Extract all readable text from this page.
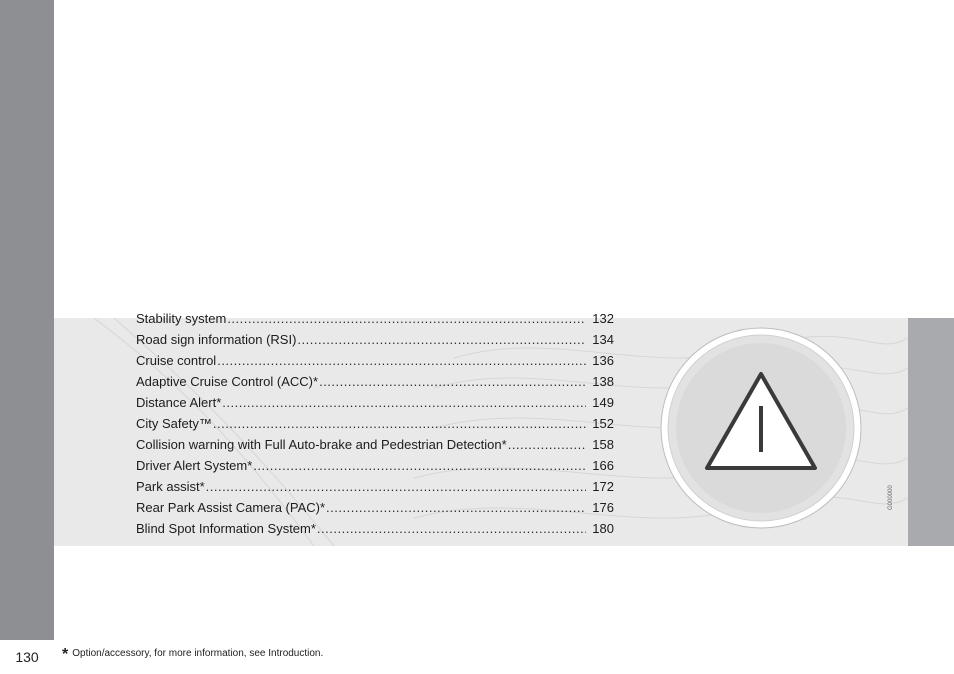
130
Stability system .....	132
Road sign information (RSI) .....	134
Cruise control .....	136
Adaptive Cruise Control (ACC)* .....	138
Distance Alert* .....	149
City Safety™ .....	152
Collision warning with Full Auto-brake and Pedestrian Detection* .....	158
Driver Alert System* .....	166
Park assist* .....	172
Rear Park Assist Camera (PAC)* .....	176
Blind Spot Information System* .....	180
G000000
* Option/accessory, for more information, see Introduction.
